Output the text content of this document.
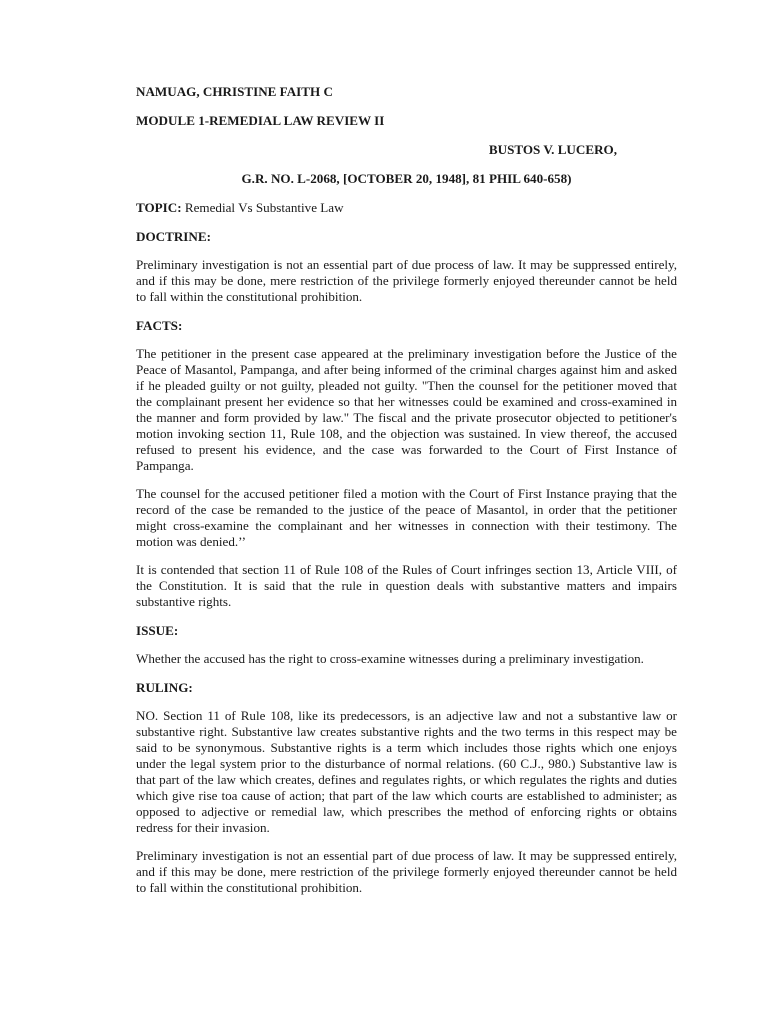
NAMUAG, CHRISTINE FAITH C
MODULE 1-REMEDIAL LAW REVIEW II
BUSTOS V. LUCERO,
G.R. NO. L-2068, [OCTOBER 20, 1948], 81 PHIL 640-658)
TOPIC: Remedial Vs Substantive Law
DOCTRINE:

Preliminary investigation is not an essential part of due process of law. It may be suppressed entirely, and if this may be done, mere restriction of the privilege formerly enjoyed thereunder cannot be held to fall within the constitutional prohibition.

FACTS:

The petitioner in the present case appeared at the preliminary investigation before the Justice of the Peace of Masantol, Pampanga, and after being informed of the criminal charges against him and asked if he pleaded guilty or not guilty, pleaded not guilty. "Then the counsel for the petitioner moved that the complainant present her evidence so that her witnesses could be examined and cross-examined in the manner and form provided by law." The fiscal and the private prosecutor objected to petitioner's motion invoking section 11, Rule 108, and the objection was sustained. In view thereof, the accused refused to present his evidence, and the case was forwarded to the Court of First Instance of Pampanga.

The counsel for the accused petitioner filed a motion with the Court of First Instance praying that the record of the case be remanded to the justice of the peace of Masantol, in order that the petitioner might cross-examine the complainant and her witnesses in connection with their testimony. The motion was denied.’’

It is contended that section 11 of Rule 108 of the Rules of Court infringes section 13, Article VIII, of the Constitution. It is said that the rule in question deals with substantive matters and impairs substantive rights.

ISSUE:

Whether the accused has the right to cross-examine witnesses during a preliminary investigation.

RULING:

NO. Section 11 of Rule 108, like its predecessors, is an adjective law and not a substantive law or substantive right. Substantive law creates substantive rights and the two terms in this respect may be said to be synonymous. Substantive rights is a term which includes those rights which one enjoys under the legal system prior to the disturbance of normal relations. (60 C.J., 980.) Substantive law is that part of the law which creates, defines and regulates rights, or which regulates the rights and duties which give rise toa cause of action; that part of the law which courts are established to administer; as opposed to adjective or remedial law, which prescribes the method of enforcing rights or obtains redress for their invasion.

Preliminary investigation is not an essential part of due process of law. It may be suppressed entirely, and if this may be done, mere restriction of the privilege formerly enjoyed thereunder cannot be held to fall within the constitutional prohibition.
